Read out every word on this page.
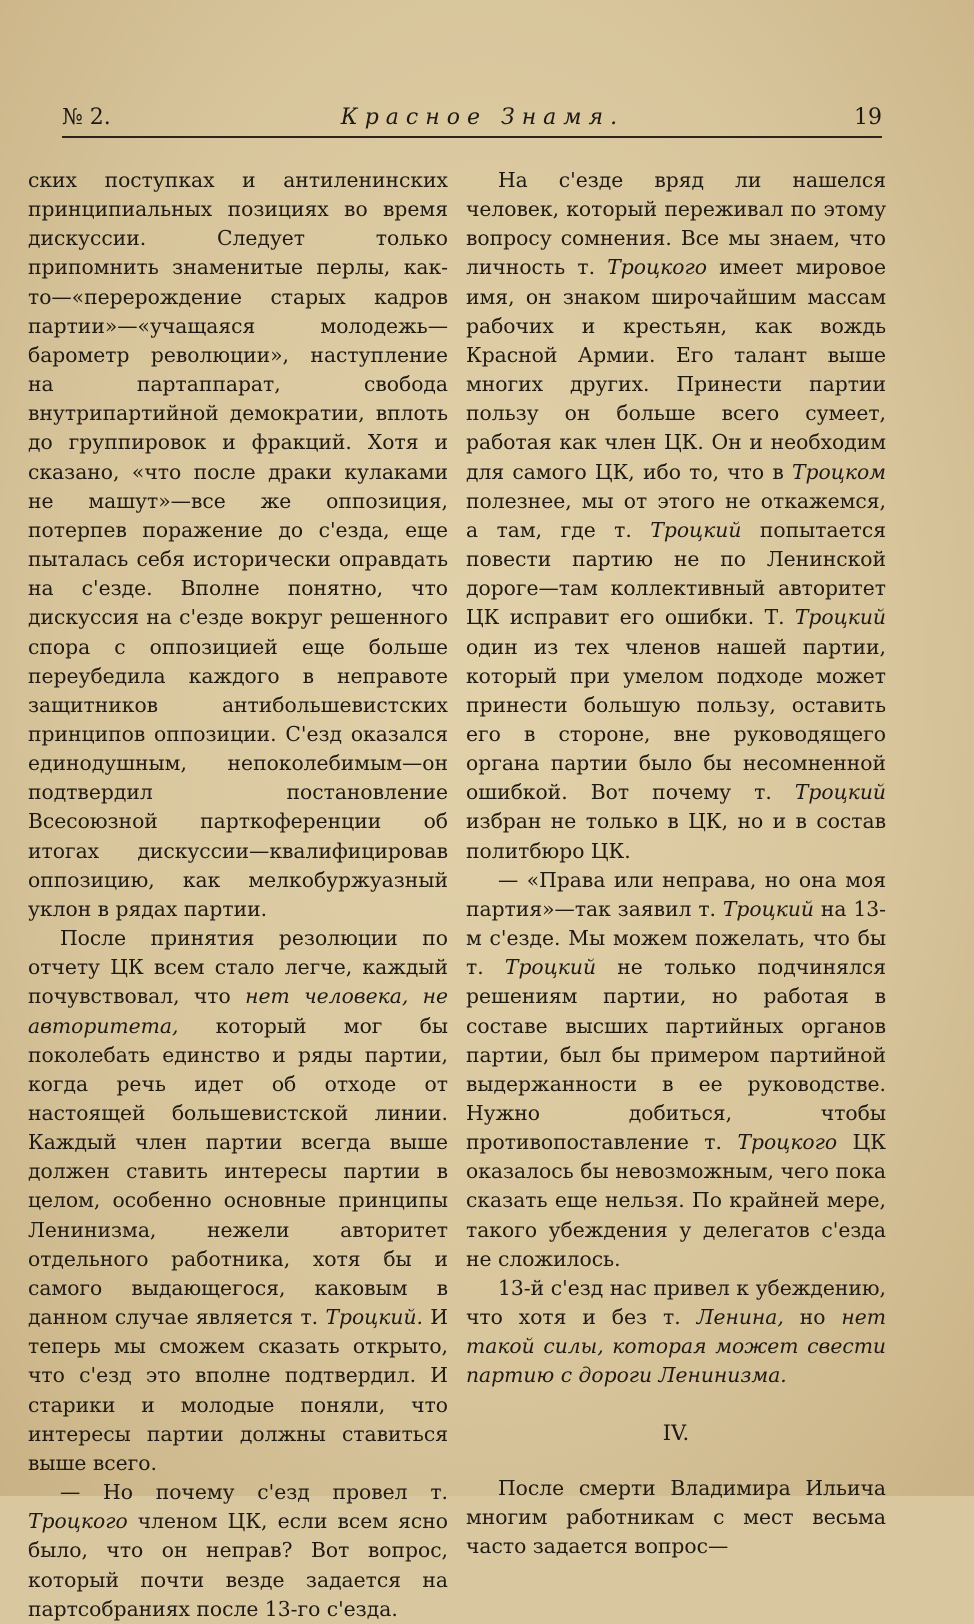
№ 2.	Красное Знамя.	19

ских поступках и антиленинских принципиальных позициях во время дискуссии. Следует только припомнить знаменитые перлы, как-то—«перерождение старых кадров партии»—«учащаяся молодежь—барометр революции», наступление на партаппарат, свобода внутрипартийной демократии, вплоть до группировок и фракций. Хотя и сказано, «что после драки кулаками не машут»—все же оппозиция, потерпев поражение до с'езда, еще пыталась себя исторически оправдать на с'езде. Вполне понятно, что дискуссия на с'езде вокруг решенного спора с оппозицией еще больше переубедила каждого в неправоте защитников антибольшевистских принципов оппозиции. С'езд оказался единодушным, непоколебимым—он подтвердил постановление Всесоюзной парткоференции об итогах дискуссии—квалифицировав оппозицию, как мелкобуржуазный уклон в рядах партии.

После принятия резолюции по отчету ЦК всем стало легче, каждый почувствовал, что нет человека, не авторитета, который мог бы поколебать единство и ряды партии, когда речь идет об отходе от настоящей большевистской линии. Каждый член партии всегда выше должен ставить интересы партии в целом, особенно основные принципы Ленинизма, нежели авторитет отдельного работника, хотя бы и самого выдающегося, каковым в данном случае является т. Троцкий. И теперь мы сможем сказать открыто, что с'езд это вполне подтвердил. И старики и молодые поняли, что интересы партии должны ставиться выше всего.

— Но почему с'езд провел т. Троцкого членом ЦК, если всем ясно было, что он неправ? Вот вопрос, который почти везде задается на партсобраниях после 13-го с'езда.

На с'езде вряд ли нашелся человек, который переживал по этому вопросу сомнения. Все мы знаем, что личность т. Троцкого имеет мировое имя, он знаком широчайшим массам рабочих и крестьян, как вождь Красной Армии. Его талант выше многих других. Принести партии пользу он больше всего сумеет, работая как член ЦК. Он и необходим для самого ЦК, ибо то, что в Троцком полезнее, мы от этого не откажемся, а там, где т. Троцкий попытается повести партию не по Ленинской дороге—там коллективный авторитет ЦК исправит его ошибки. Т. Троцкий один из тех членов нашей партии, который при умелом подходе может принести большую пользу, оставить его в стороне, вне руководящего органа партии было бы несомненной ошибкой. Вот почему т. Троцкий избран не только в ЦК, но и в состав политбюро ЦК.

— «Права или неправа, но она моя партия»—так заявил т. Троцкий на 13-м с'езде. Мы можем пожелать, что бы т. Троцкий не только подчинялся решениям партии, но работая в составе высших партийных органов партии, был бы примером партийной выдержанности в ее руководстве. Нужно добиться, чтобы противопоставление т. Троцкого ЦК оказалось бы невозможным, чего пока сказать еще нельзя. По крайней мере, такого убеждения у делегатов с'езда не сложилось.

13-й с'езд нас привел к убеждению, что хотя и без т. Ленина, но нет такой силы, которая может свести партию с дороги Ленинизма.

IV.

После смерти Владимира Ильича многим работникам с мест весьма часто задается вопрос—
